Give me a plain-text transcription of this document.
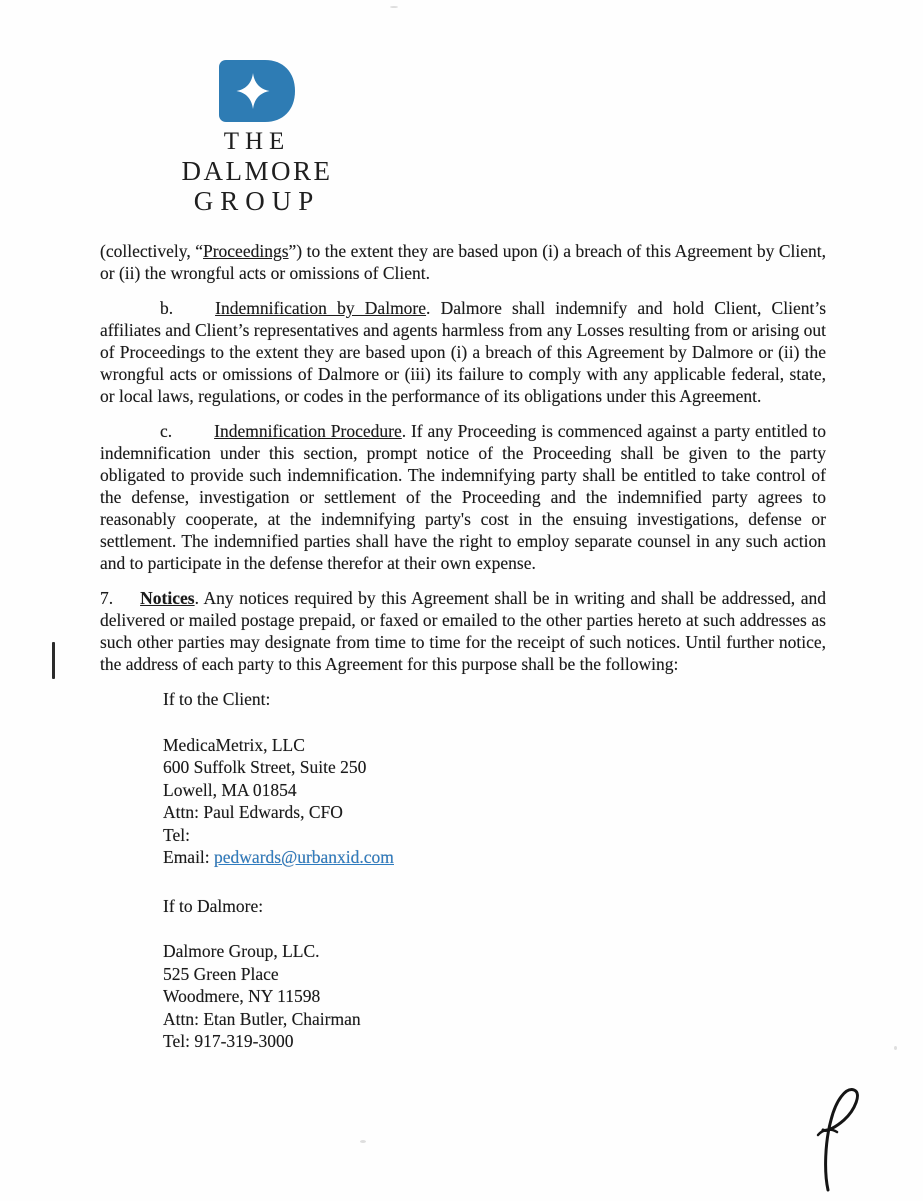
THE
DALMORE
GROUP

(collectively, “Proceedings”) to the extent they are based upon (i) a breach of this Agreement by Client, or (ii) the wrongful acts or omissions of Client.

b. Indemnification by Dalmore. Dalmore shall indemnify and hold Client, Client’s affiliates and Client’s representatives and agents harmless from any Losses resulting from or arising out of Proceedings to the extent they are based upon (i) a breach of this Agreement by Dalmore or (ii) the wrongful acts or omissions of Dalmore or (iii) its failure to comply with any applicable federal, state, or local laws, regulations, or codes in the performance of its obligations under this Agreement.

c. Indemnification Procedure. If any Proceeding is commenced against a party entitled to indemnification under this section, prompt notice of the Proceeding shall be given to the party obligated to provide such indemnification. The indemnifying party shall be entitled to take control of the defense, investigation or settlement of the Proceeding and the indemnified party agrees to reasonably cooperate, at the indemnifying party's cost in the ensuing investigations, defense or settlement. The indemnified parties shall have the right to employ separate counsel in any such action and to participate in the defense therefor at their own expense.

7. Notices. Any notices required by this Agreement shall be in writing and shall be addressed, and delivered or mailed postage prepaid, or faxed or emailed to the other parties hereto at such addresses as such other parties may designate from time to time for the receipt of such notices. Until further notice, the address of each party to this Agreement for this purpose shall be the following:

If to the Client:

MedicaMetrix, LLC

600 Suffolk Street, Suite 250

Lowell, MA 01854

Attn: Paul Edwards, CFO

Tel:

Email: pedwards@urbanxid.com

If to Dalmore:

Dalmore Group, LLC.

525 Green Place

Woodmere, NY 11598

Attn: Etan Butler, Chairman

Tel: 917-319-3000
